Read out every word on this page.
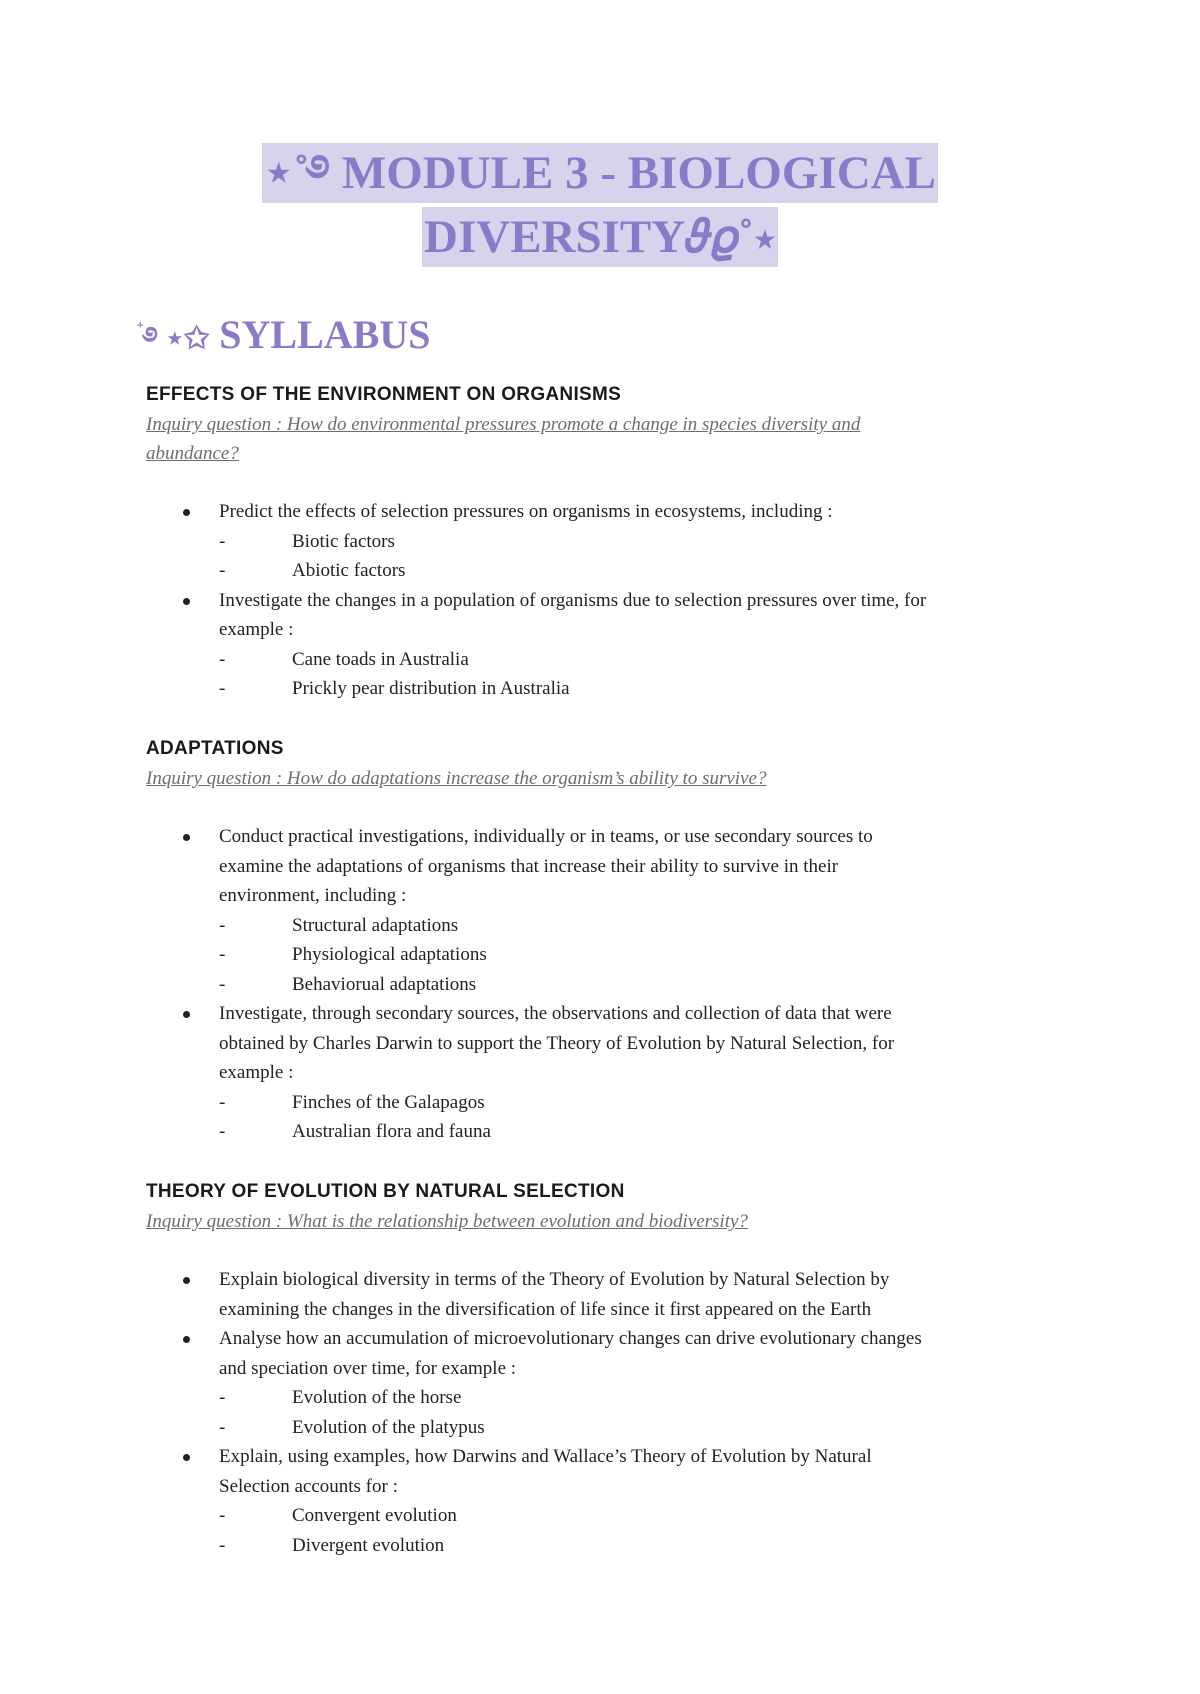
⋆˚࿔ MODULE 3 - BIOLOGICAL
DIVERSITY𝜗𝜚˚⋆
⁺࿔ ⋆✩ SYLLABUS
EFFECTS OF THE ENVIRONMENT ON ORGANISMS
Inquiry question : How do environmental pressures promote a change in species diversity and
abundance?
Predict the effects of selection pressures on organisms in ecosystems, including :
-	Biotic factors
-	Abiotic factors
Investigate the changes in a population of organisms due to selection pressures over time, for
example :
-	Cane toads in Australia
-	Prickly pear distribution in Australia
ADAPTATIONS
Inquiry question : How do adaptations increase the organism’s ability to survive?
Conduct practical investigations, individually or in teams, or use secondary sources to
examine the adaptations of organisms that increase their ability to survive in their
environment, including :
-	Structural adaptations
-	Physiological adaptations
-	Behaviorual adaptations
Investigate, through secondary sources, the observations and collection of data that were
obtained by Charles Darwin to support the Theory of Evolution by Natural Selection, for
example :
-	Finches of the Galapagos
-	Australian flora and fauna
THEORY OF EVOLUTION BY NATURAL SELECTION
Inquiry question : What is the relationship between evolution and biodiversity?
Explain biological diversity in terms of the Theory of Evolution by Natural Selection by
examining the changes in the diversification of life since it first appeared on the Earth
Analyse how an accumulation of microevolutionary changes can drive evolutionary changes
and speciation over time, for example :
-	Evolution of the horse
-	Evolution of the platypus
Explain, using examples, how Darwins and Wallace’s Theory of Evolution by Natural
Selection accounts for :
-	Convergent evolution
-	Divergent evolution
